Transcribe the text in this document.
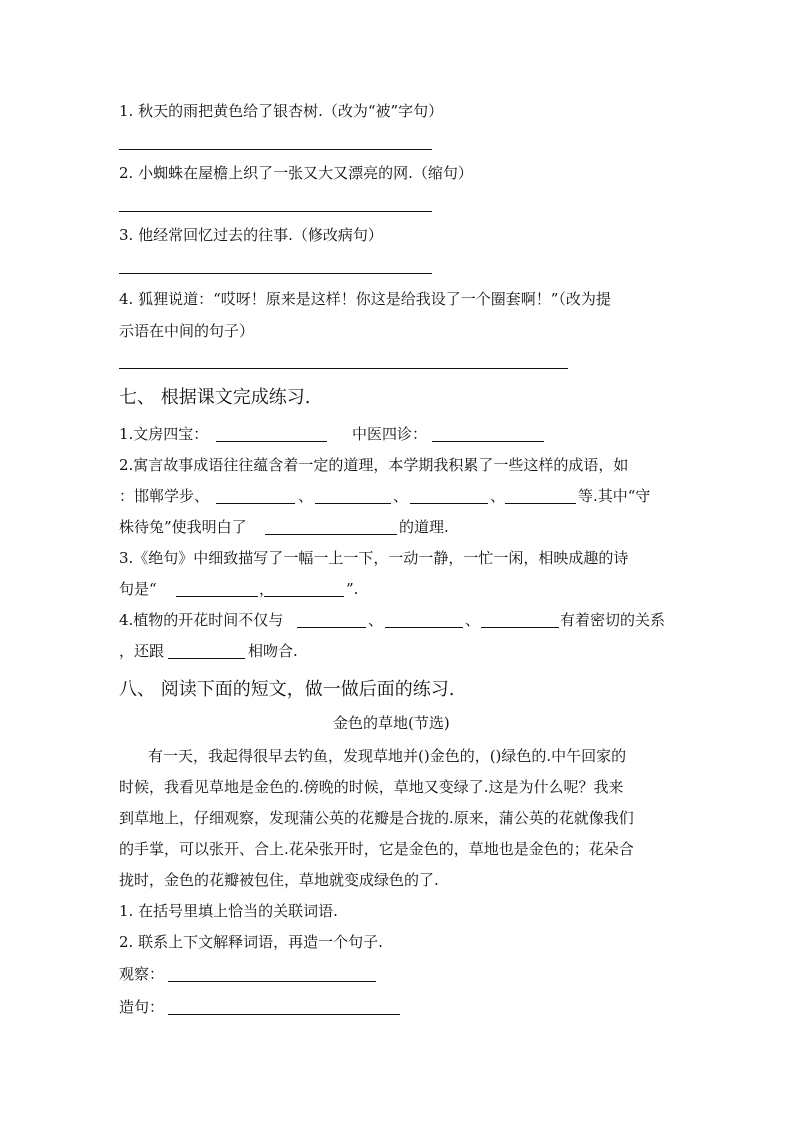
1. 秋天的雨把黄色给了银杏树.（改为“被”字句）
2. 小蜘蛛在屋檐上织了一张又大又漂亮的网.（缩句）
3. 他经常回忆过去的往事.（修改病句）
4. 狐狸说道：“哎呀！原来是这样！你这是给我设了一个圈套啊！”（改为提
示语在中间的句子）
七、 根据课文完成练习.
1.文房四宝：	中医四诊：
2.寓言故事成语往往蕴含着一定的道理，本学期我积累了一些这样的成语，如
：邯郸学步、	、	、	、	等.其中“守
株待兔”使我明白了	的道理.
3.《绝句》中细致描写了一幅一上一下，一动一静，一忙一闲，相映成趣的诗
句是“	，	”.
4.植物的开花时间不仅与	、	、	有着密切的关系
，还跟	相吻合.
八、 阅读下面的短文，做一做后面的练习.
金色的草地(节选)
有一天，我起得很早去钓鱼，发现草地并()金色的，()绿色的.中午回家的
时候，我看见草地是金色的.傍晚的时候，草地又变绿了.这是为什么呢？我来
到草地上，仔细观察，发现蒲公英的花瓣是合拢的.原来，蒲公英的花就像我们
的手掌，可以张开、合上.花朵张开时，它是金色的，草地也是金色的；花朵合
拢时，金色的花瓣被包住，草地就变成绿色的了.
1. 在括号里填上恰当的关联词语.
2. 联系上下文解释词语，再造一个句子.
观察：
造句：
